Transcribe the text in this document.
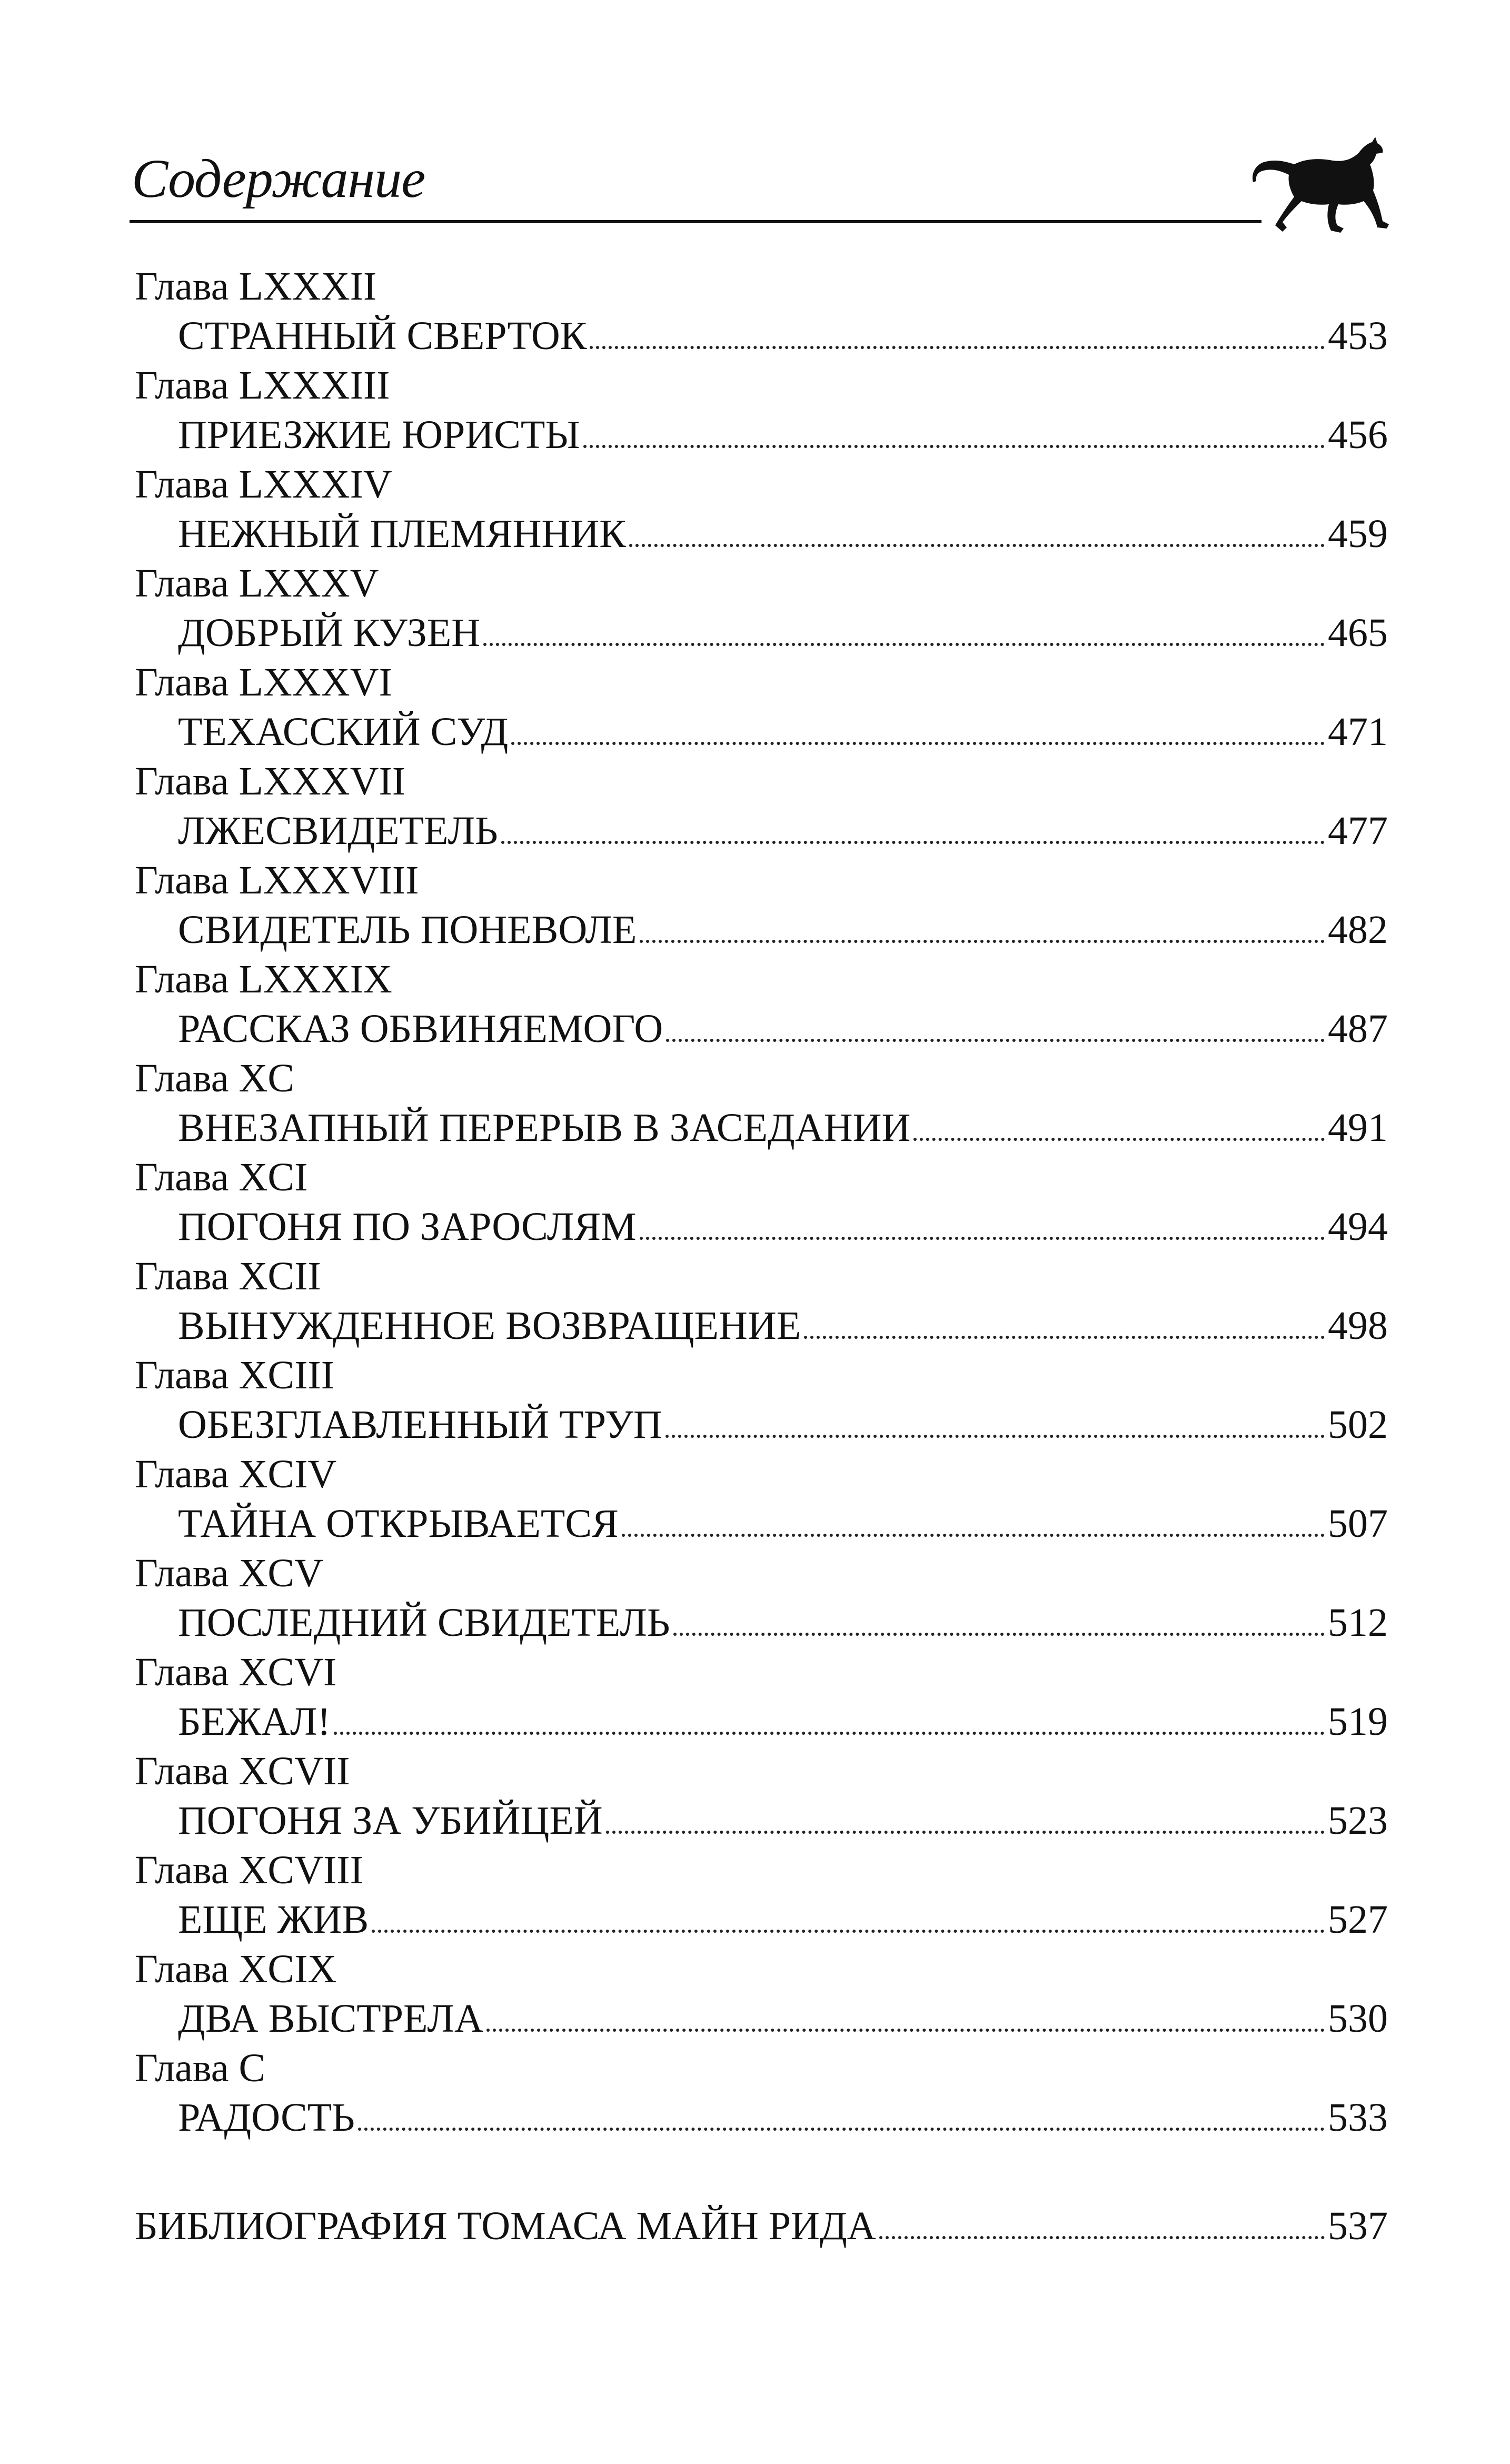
Содержание
Глава LXXXII
СТРАННЫЙ СВЕРТОК	453
Глава LXXXIII
ПРИЕЗЖИЕ ЮРИСТЫ	456
Глава LXXXIV
НЕЖНЫЙ ПЛЕМЯННИК	459
Глава LXXXV
ДОБРЫЙ КУЗЕН	465
Глава LXXXVI
ТЕХАССКИЙ СУД	471
Глава LXXXVII
ЛЖЕСВИДЕТЕЛЬ	477
Глава LXXXVIII
СВИДЕТЕЛЬ ПОНЕВОЛЕ	482
Глава LXXXIX
РАССКАЗ ОБВИНЯЕМОГО	487
Глава XC
ВНЕЗАПНЫЙ ПЕРЕРЫВ В ЗАСЕДАНИИ	491
Глава XCI
ПОГОНЯ ПО ЗАРОСЛЯМ	494
Глава XCII
ВЫНУЖДЕННОЕ ВОЗВРАЩЕНИЕ	498
Глава XCIII
ОБЕЗГЛАВЛЕННЫЙ ТРУП	502
Глава XCIV
ТАЙНА ОТКРЫВАЕТСЯ	507
Глава XCV
ПОСЛЕДНИЙ СВИДЕТЕЛЬ	512
Глава XCVI
БЕЖАЛ!	519
Глава XCVII
ПОГОНЯ ЗА УБИЙЦЕЙ	523
Глава XCVIII
ЕЩЕ ЖИВ	527
Глава XCIX
ДВА ВЫСТРЕЛА	530
Глава C
РАДОСТЬ	533
БИБЛИОГРАФИЯ ТОМАСА МАЙН РИДА	537
